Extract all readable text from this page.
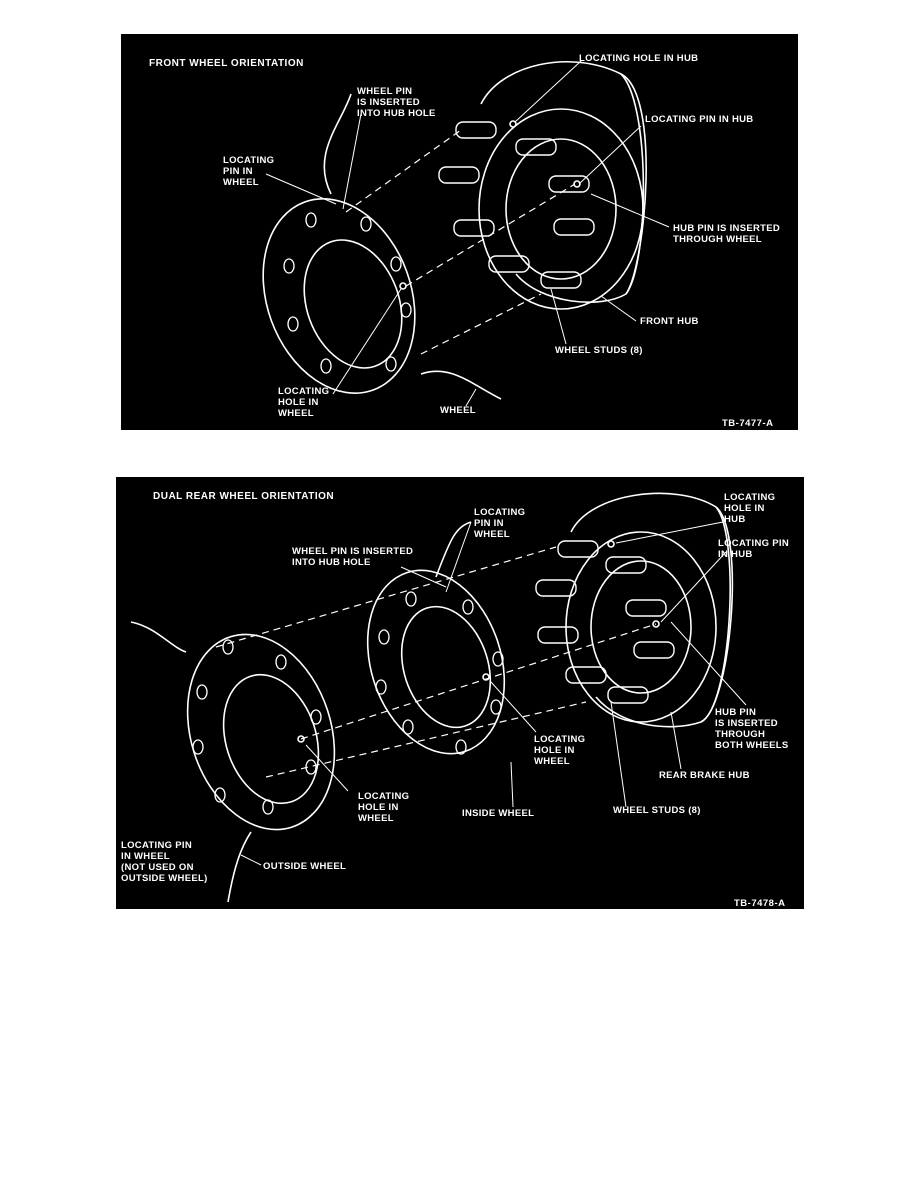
FRONT WHEEL ORIENTATION	LOCATING HOLE IN HUB
WHEEL PIN
IS INSERTED
INTO HUB HOLE
LOCATING PIN IN HUB
LOCATING
PIN IN
WHEEL
HUB PIN IS INSERTED
THROUGH WHEEL
FRONT HUB
WHEEL STUDS (8)
LOCATING
HOLE IN
WHEEL	WHEEL
TB-7477-A
DUAL REAR WHEEL ORIENTATION
LOCATING
PIN IN
WHEEL
LOCATING
HOLE IN
HUB
LOCATING PIN
IN HUB
WHEEL PIN IS INSERTED
INTO HUB HOLE
HUB PIN
IS INSERTED
THROUGH
BOTH WHEELS
LOCATING
HOLE IN
WHEEL
REAR BRAKE HUB
LOCATING
HOLE IN
WHEEL	INSIDE WHEEL	WHEEL STUDS (8)
LOCATING PIN
IN WHEEL
(NOT USED ON
OUTSIDE WHEEL)
OUTSIDE WHEEL
TB-7478-A
